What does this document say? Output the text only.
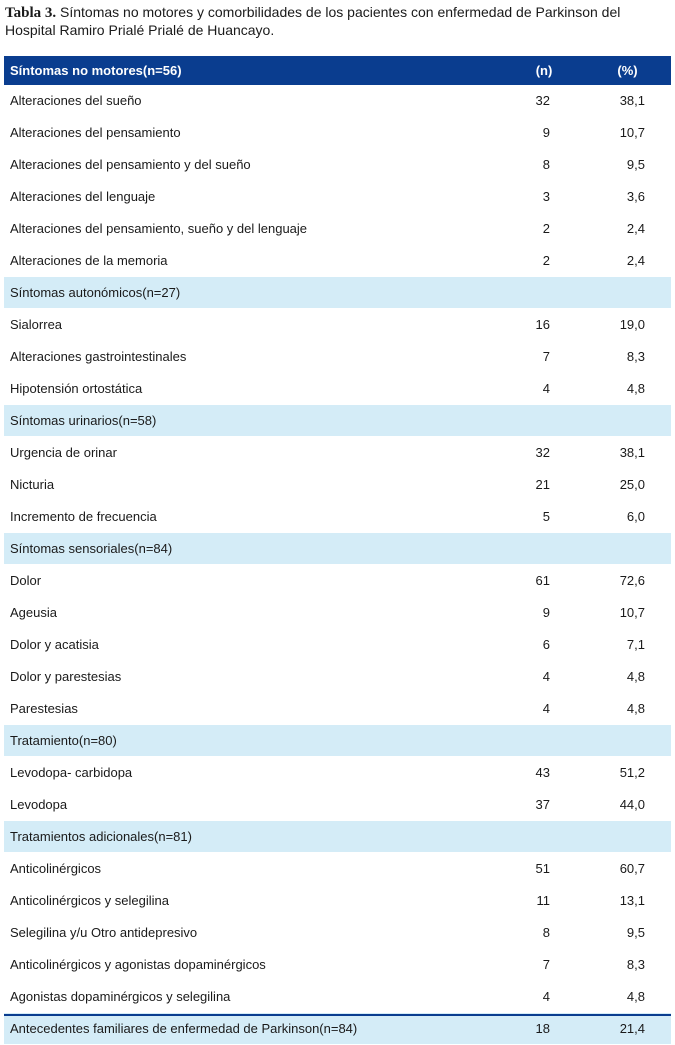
Tabla 3. Síntomas no motores y comorbilidades de los pacientes con enfermedad de Parkinson del Hospital Ramiro Prialé Prialé de Huancayo.
Síntomas no motores(n=56)	(n)	(%)
Alteraciones del sueño	32	38,1
Alteraciones del pensamiento	9	10,7
Alteraciones del pensamiento y del sueño	8	9,5
Alteraciones del lenguaje	3	3,6
Alteraciones del pensamiento, sueño y del lenguaje	2	2,4
Alteraciones de la memoria	2	2,4
Síntomas autonómicos(n=27)		
Sialorrea	16	19,0
Alteraciones gastrointestinales	7	8,3
Hipotensión ortostática	4	4,8
Síntomas urinarios(n=58)		
Urgencia de orinar	32	38,1
Nicturia	21	25,0
Incremento de frecuencia	5	6,0
Síntomas sensoriales(n=84)		
Dolor	61	72,6
Ageusia	9	10,7
Dolor y acatisia	6	7,1
Dolor y parestesias	4	4,8
Parestesias	4	4,8
Tratamiento(n=80)		
Levodopa- carbidopa	43	51,2
Levodopa	37	44,0
Tratamientos adicionales(n=81)		
Anticolinérgicos	51	60,7
Anticolinérgicos y selegilina	11	13,1
Selegilina y/u Otro antidepresivo	8	9,5
Anticolinérgicos y agonistas dopaminérgicos	7	8,3
Agonistas dopaminérgicos y selegilina	4	4,8
Antecedentes familiares de enfermedad de Parkinson(n=84)	18	21,4
